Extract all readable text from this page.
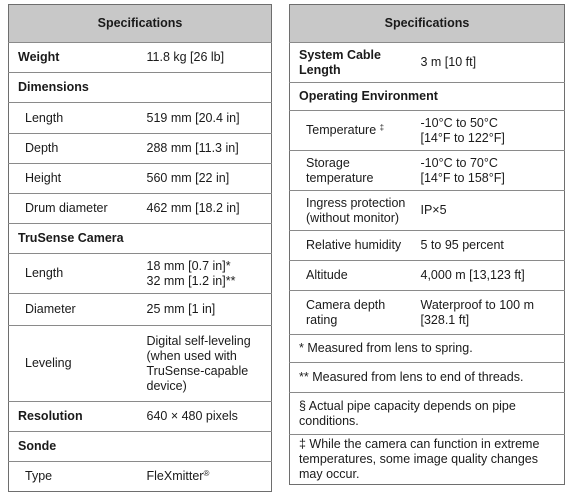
Specifications	
Weight	11.8 kg [26 lb]
Dimensions	
Length	519 mm [20.4 in]
Depth	288 mm [11.3 in]
Height	560 mm [22 in]
Drum diameter	462 mm [18.2 in]
TruSense Camera	
Length	18 mm [0.7 in]*
32 mm [1.2 in]**

Diameter	25 mm [1 in]
Leveling	Digital self-leveling (when used with TruSense-capable device)
Resolution	640 × 480 pixels
Sonde	
Type	FleXmitter®
Specifications	
System Cable Length	3 m [10 ft]
Operating Environment	
Temperature ‡	-10°C to 50°C
[14°F to 122°F]

Storage temperature	-10°C to 70°C
[14°F to 158°F]

Ingress protection (without monitor)	IP×5
Relative humidity	5 to 95 percent
Altitude	4,000 m [13,123 ft]
Camera depth rating	Waterproof to 100 m [328.1 ft]
* Measured from lens to spring.	
** Measured from lens to end of threads.	
§ Actual pipe capacity depends on pipe conditions.	
‡ While the camera can function in extreme temperatures, some image quality changes may occur.	
